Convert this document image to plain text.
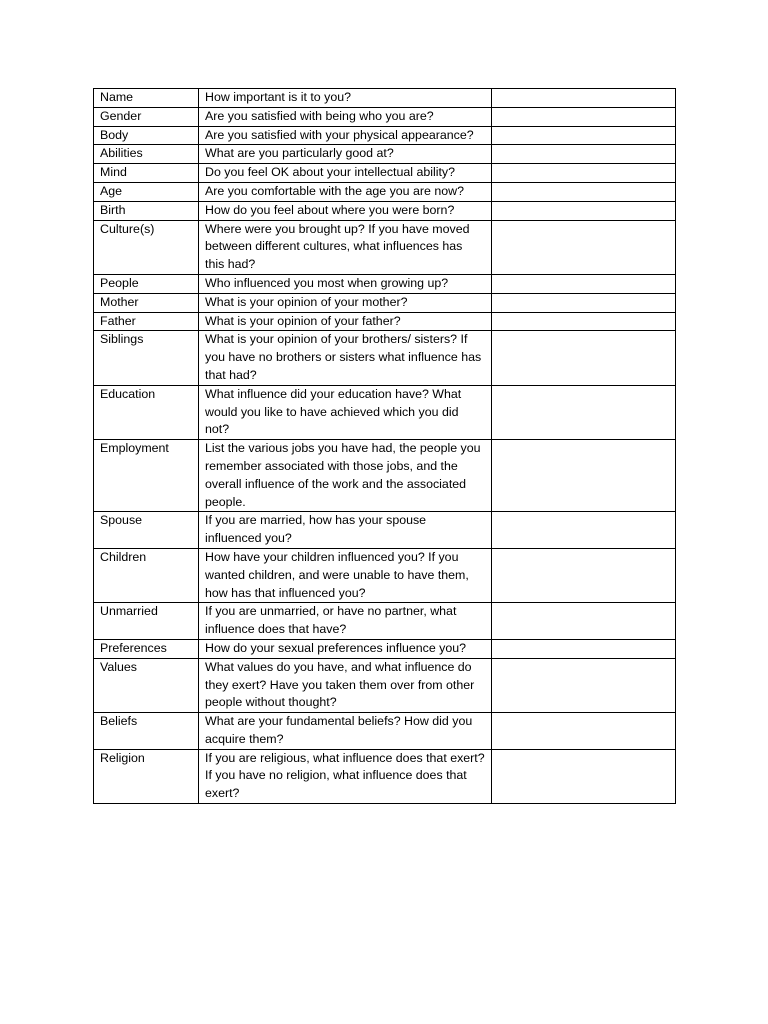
Name	How important is it to you?	
Gender	Are you satisfied with being who you are?	
Body	Are you satisfied with your physical appearance?	
Abilities	What are you particularly good at?	
Mind	Do you feel OK about your intellectual ability?	
Age	Are you comfortable with the age you are now?	
Birth	How do you feel about where you were born?	
Culture(s)	Where were you brought up? If you have moved between different cultures, what influences has this had?	
People	Who influenced you most when growing up?	
Mother	What is your opinion of your mother?	
Father	What is your opinion of your father?	
Siblings	What is your opinion of your brothers/ sisters? If you have no brothers or sisters what influence has that had?	
Education	What influence did your education have? What would you like to have achieved which you did not?	
Employment	List the various jobs you have had, the people you remember associated with those jobs, and the overall influence of the work and the associated people.	
Spouse	If you are married, how has your spouse influenced you?	
Children	How have your children influenced you? If you wanted children, and were unable to have them, how has that influenced you?	
Unmarried	If you are unmarried, or have no partner, what influence does that have?	
Preferences	How do your sexual preferences influence you?	
Values	What values do you have, and what influence do they exert? Have you taken them over from other people without thought?	
Beliefs	What are your fundamental beliefs? How did you acquire them?	
Religion	If you are religious, what influence does that exert? If you have no religion, what influence does that exert?	
